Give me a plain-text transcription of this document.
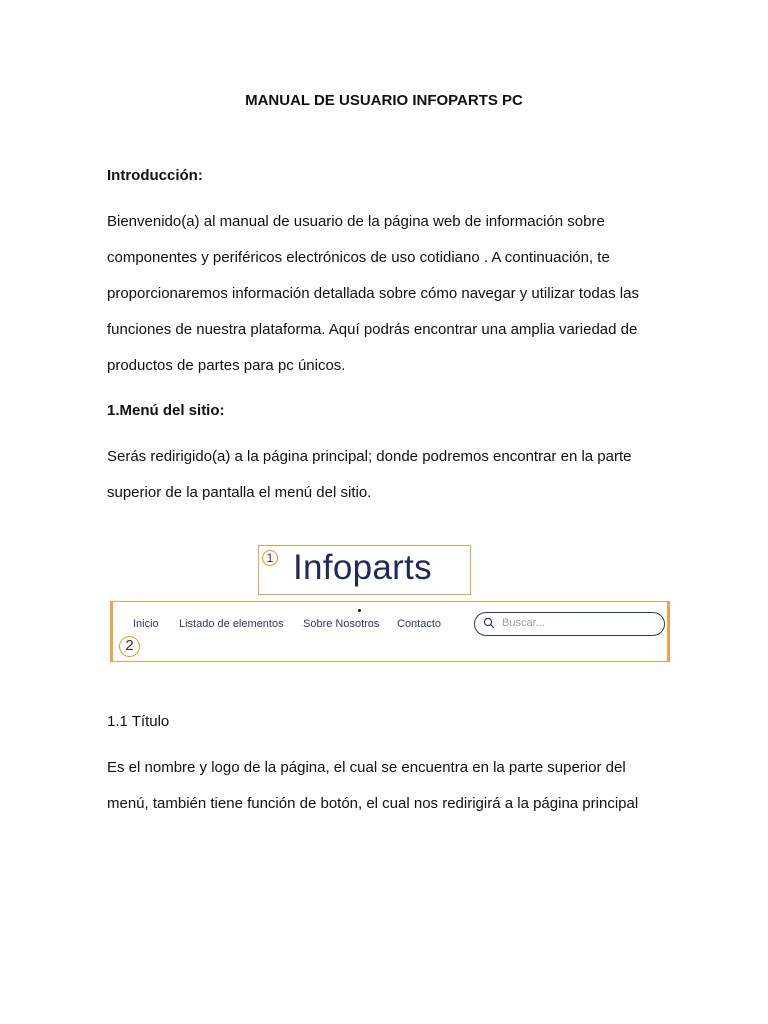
MANUAL DE USUARIO INFOPARTS PC

Introducción:

Bienvenido(a) al manual de usuario de la página web de información sobre componentes y periféricos electrónicos de uso cotidiano . A continuación, te proporcionaremos información detallada sobre cómo navegar y utilizar todas las funciones de nuestra plataforma. Aquí podrás encontrar una amplia variedad de productos de partes para pc únicos.

1.Menú del sitio:

Serás redirigido(a) a la página principal; donde podremos encontrar en la parte superior de la pantalla el menú del sitio.

1 Infoparts
Inicio Listado de elementos Sobre Nosotros Contacto	Buscar...
2

1.1 Título

Es el nombre y logo de la página, el cual se encuentra en la parte superior del menú, también tiene función de botón, el cual nos redirigirá a la página principal
